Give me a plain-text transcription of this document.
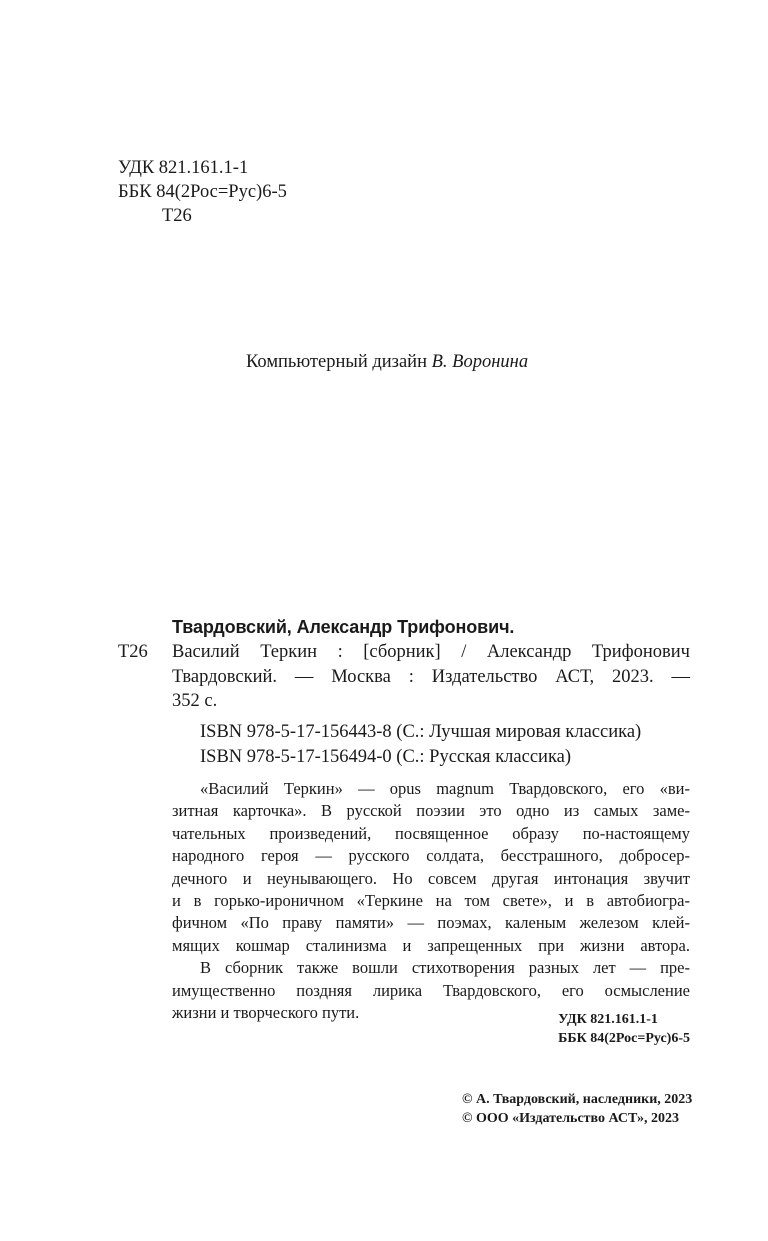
УДК 821.161.1-1
ББК 84(2Рос=Рус)6-5
Т26
Компьютерный дизайн В. Воронина
Твардовский, Александр Трифонович.
Т26 Василий Теркин : [сборник] / Александр Трифонович
Твардовский. — Москва : Издательство АСТ, 2023. —
352 с.
ISBN 978-5-17-156443-8 (С.: Лучшая мировая классика)
ISBN 978-5-17-156494-0 (С.: Русская классика)
«Василий Теркин» — opus magnum Твардовского, его «ви-
зитная карточка». В русской поэзии это одно из самых заме-
чательных произведений, посвященное образу по-настоящему
народного героя — русского солдата, бесстрашного, добросер-
дечного и неунывающего. Но совсем другая интонация звучит
и в горько-ироничном «Теркине на том свете», и в автобиогра-
фичном «По праву памяти» — поэмах, каленым железом клей-
мящих кошмар сталинизма и запрещенных при жизни автора.
В сборник также вошли стихотворения разных лет — пре-
имущественно поздняя лирика Твардовского, его осмысление
жизни и творческого пути.	УДК 821.161.1-1
ББК 84(2Рос=Рус)6-5
© А. Твардовский, наследники, 2023
© ООО «Издательство АСТ», 2023
